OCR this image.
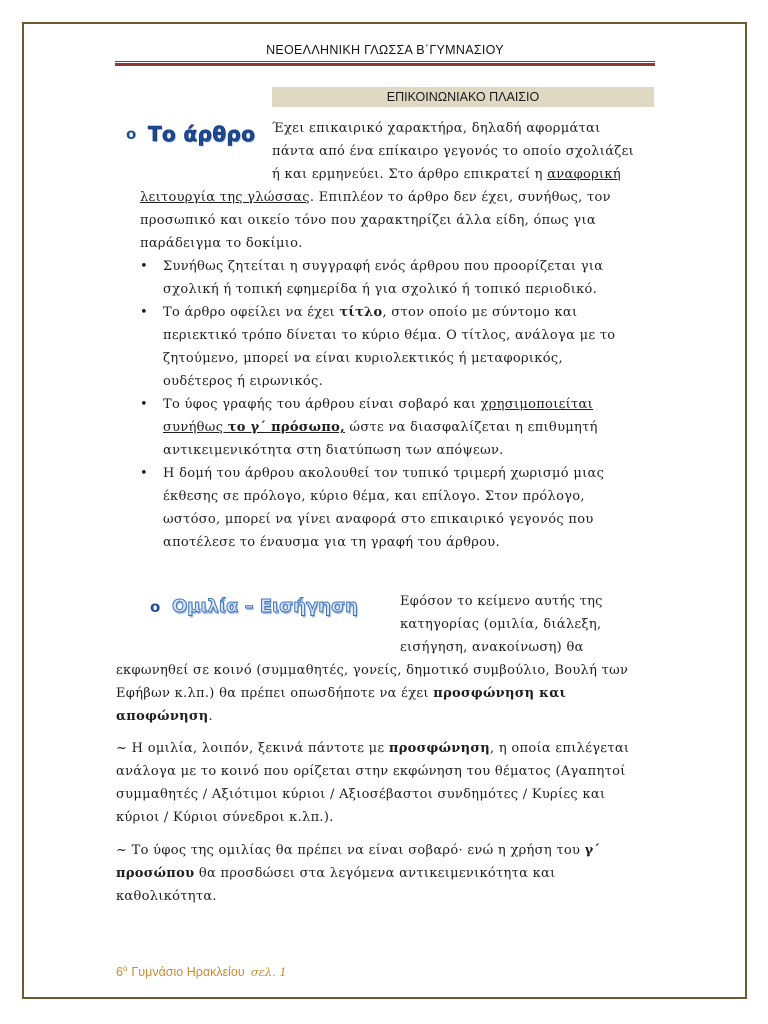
ΝΕΟΕΛΛΗΝΙΚΗ ΓΛΩΣΣΑ Β΄ΓΥΜΝΑΣΙΟΥ
ΕΠΙΚΟΙΝΩΝΙΑΚΟ ΠΛΑΙΣΙΟ
o Το άρθρο	Έχει επικαιρικό χαρακτήρα, δηλαδή αφορμάται
πάντα από ένα επίκαιρο γεγονός το οποίο σχολιάζει
ή και ερμηνεύει. Στο άρθρο επικρατεί η αναφορική
λειτουργία της γλώσσας. Επιπλέον το άρθρο δεν έχει, συνήθως, τον
προσωπικό και οικείο τόνο που χαρακτηρίζει άλλα είδη, όπως για
παράδειγμα το δοκίμιο.
• Συνήθως ζητείται η συγγραφή ενός άρθρου που προορίζεται για
σχολική ή τοπική εφημερίδα ή για σχολικό ή τοπικό περιοδικό.
• Το άρθρο οφείλει να έχει τίτλο, στον οποίο με σύντομο και
περιεκτικό τρόπο δίνεται το κύριο θέμα. Ο τίτλος, ανάλογα με το
ζητούμενο, μπορεί να είναι κυριολεκτικός ή μεταφορικός,
ουδέτερος ή ειρωνικός.
• Το ύφος γραφής του άρθρου είναι σοβαρό και χρησιμοποιείται
συνήθως το γ΄ πρόσωπο, ώστε να διασφαλίζεται η επιθυμητή
αντικειμενικότητα στη διατύπωση των απόψεων.
• Η δομή του άρθρου ακολουθεί τον τυπικό τριμερή χωρισμό μιας
έκθεσης σε πρόλογο, κύριο θέμα, και επίλογο. Στον πρόλογο,
ωστόσο, μπορεί να γίνει αναφορά στο επικαιρικό γεγονός που
αποτέλεσε το έναυσμα για τη γραφή του άρθρου.
o Ομιλία – Εισήγηση	Εφόσον το κείμενο αυτής της
κατηγορίας (ομιλία, διάλεξη,
εισήγηση, ανακοίνωση) θα
εκφωνηθεί σε κοινό (συμμαθητές, γονείς, δημοτικό συμβούλιο, Βουλή των
Εφήβων κ.λπ.) θα πρέπει οπωσδήποτε να έχει προσφώνηση και
αποφώνηση.
~ Η ομιλία, λοιπόν, ξεκινά πάντοτε με προσφώνηση, η οποία επιλέγεται
ανάλογα με το κοινό που ορίζεται στην εκφώνηση του θέματος (Αγαπητοί
συμμαθητές / Αξιότιμοι κύριοι / Αξιοσέβαστοι συνδημότες / Κυρίες και
κύριοι / Κύριοι σύνεδροι κ.λπ.).
~ Το ύφος της ομιλίας θα πρέπει να είναι σοβαρό· ενώ η χρήση του γ΄
προσώπου θα προσδώσει στα λεγόμενα αντικειμενικότητα και
καθολικότητα.
$6^o$ Γυμνάσιο Ηρακλείου σελ. 1
